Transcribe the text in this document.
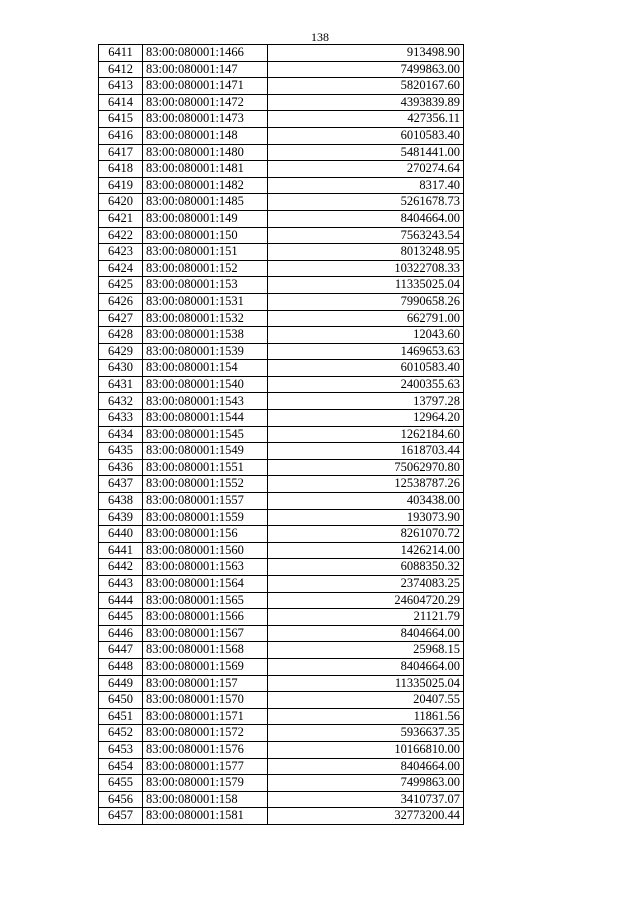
138
6411	83:00:080001:1466	913498.90
6412	83:00:080001:147	7499863.00
6413	83:00:080001:1471	5820167.60
6414	83:00:080001:1472	4393839.89
6415	83:00:080001:1473	427356.11
6416	83:00:080001:148	6010583.40
6417	83:00:080001:1480	5481441.00
6418	83:00:080001:1481	270274.64
6419	83:00:080001:1482	8317.40
6420	83:00:080001:1485	5261678.73
6421	83:00:080001:149	8404664.00
6422	83:00:080001:150	7563243.54
6423	83:00:080001:151	8013248.95
6424	83:00:080001:152	10322708.33
6425	83:00:080001:153	11335025.04
6426	83:00:080001:1531	7990658.26
6427	83:00:080001:1532	662791.00
6428	83:00:080001:1538	12043.60
6429	83:00:080001:1539	1469653.63
6430	83:00:080001:154	6010583.40
6431	83:00:080001:1540	2400355.63
6432	83:00:080001:1543	13797.28
6433	83:00:080001:1544	12964.20
6434	83:00:080001:1545	1262184.60
6435	83:00:080001:1549	1618703.44
6436	83:00:080001:1551	75062970.80
6437	83:00:080001:1552	12538787.26
6438	83:00:080001:1557	403438.00
6439	83:00:080001:1559	193073.90
6440	83:00:080001:156	8261070.72
6441	83:00:080001:1560	1426214.00
6442	83:00:080001:1563	6088350.32
6443	83:00:080001:1564	2374083.25
6444	83:00:080001:1565	24604720.29
6445	83:00:080001:1566	21121.79
6446	83:00:080001:1567	8404664.00
6447	83:00:080001:1568	25968.15
6448	83:00:080001:1569	8404664.00
6449	83:00:080001:157	11335025.04
6450	83:00:080001:1570	20407.55
6451	83:00:080001:1571	11861.56
6452	83:00:080001:1572	5936637.35
6453	83:00:080001:1576	10166810.00
6454	83:00:080001:1577	8404664.00
6455	83:00:080001:1579	7499863.00
6456	83:00:080001:158	3410737.07
6457	83:00:080001:1581	32773200.44
